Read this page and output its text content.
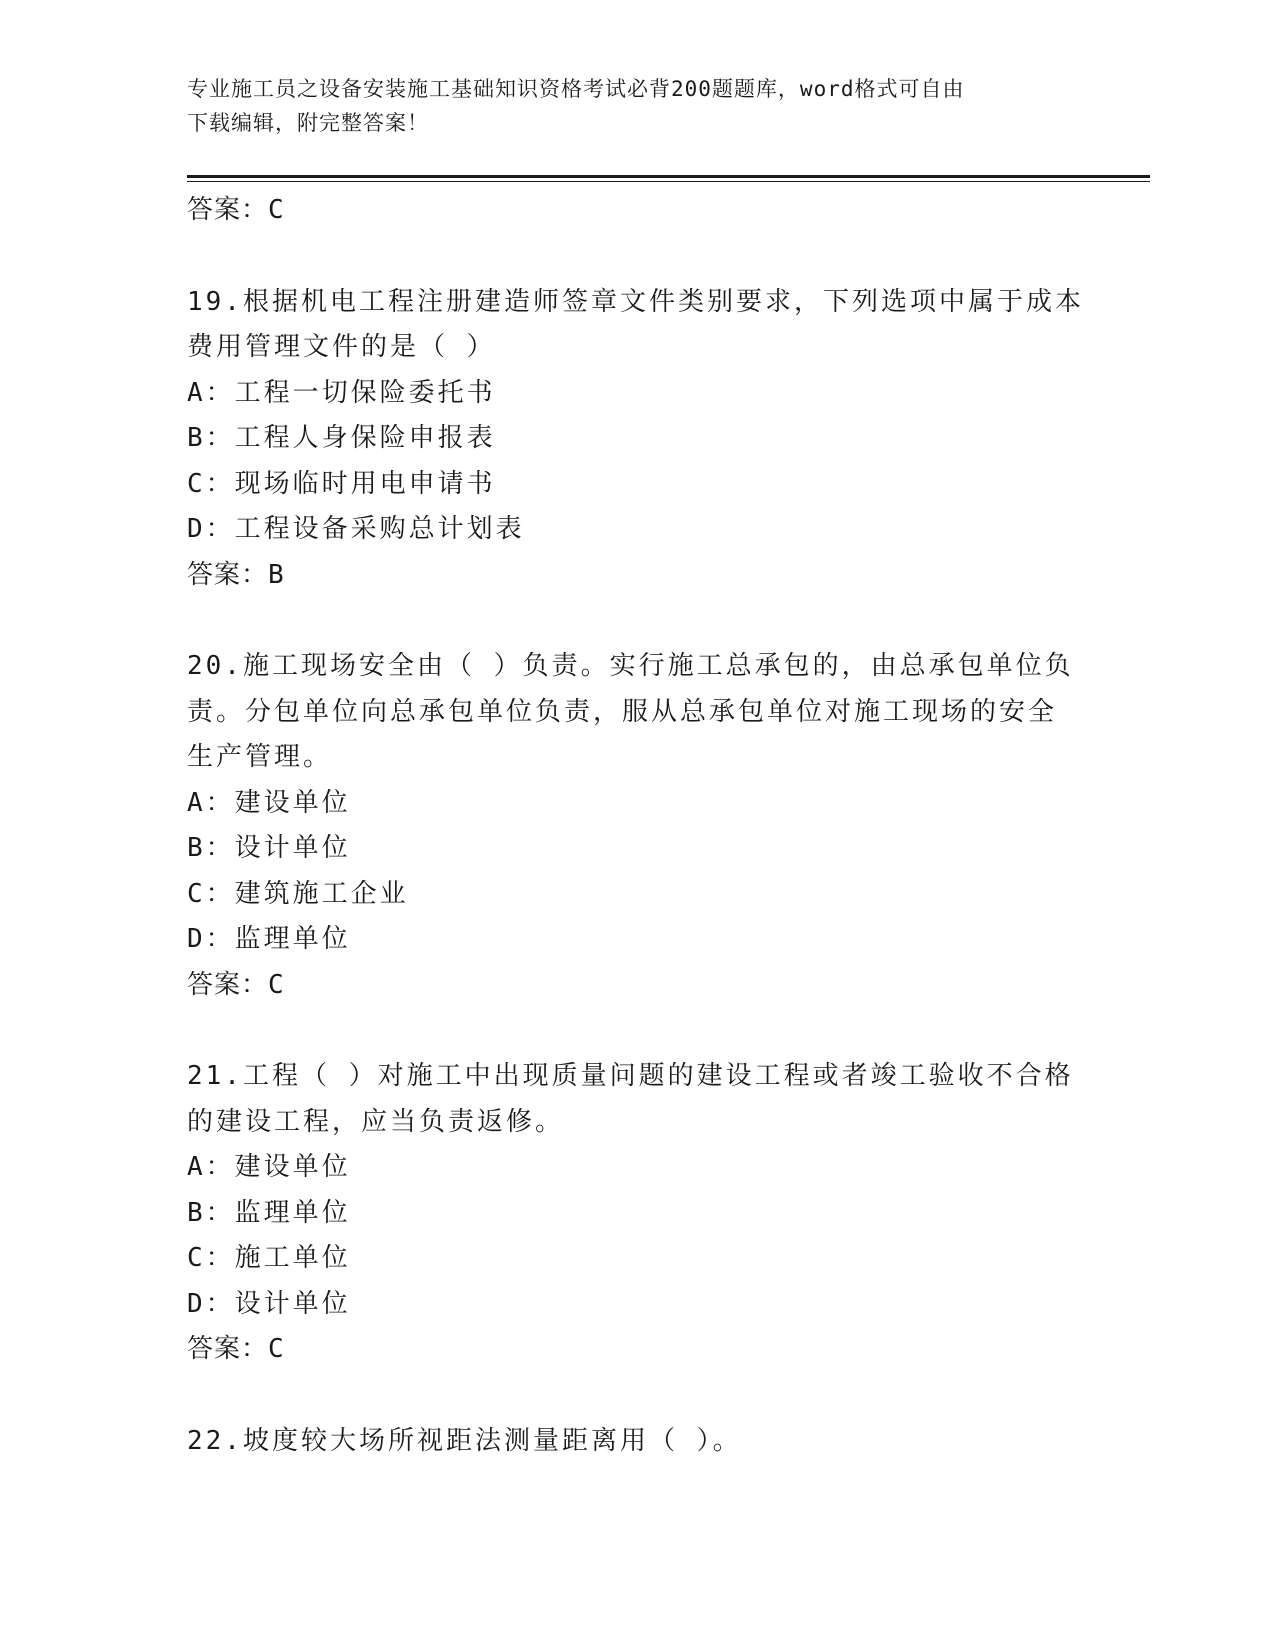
专业施工员之设备安装施工基础知识资格考试必背200题题库，word格式可自由
下载编辑，附完整答案！
答案：C
19.根据机电工程注册建造师签章文件类别要求，下列选项中属于成本
费用管理文件的是（ ）
A：工程一切保险委托书
B：工程人身保险申报表
C：现场临时用电申请书
D：工程设备采购总计划表
答案：B
20.施工现场安全由（ ）负责。实行施工总承包的，由总承包单位负
责。分包单位向总承包单位负责，服从总承包单位对施工现场的安全
生产管理。
A：建设单位
B：设计单位
C：建筑施工企业
D：监理单位
答案：C
21.工程（ ）对施工中出现质量问题的建设工程或者竣工验收不合格
的建设工程，应当负责返修。
A：建设单位
B：监理单位
C：施工单位
D：设计单位
答案：C
22.坡度较大场所视距法测量距离用（ ）。
